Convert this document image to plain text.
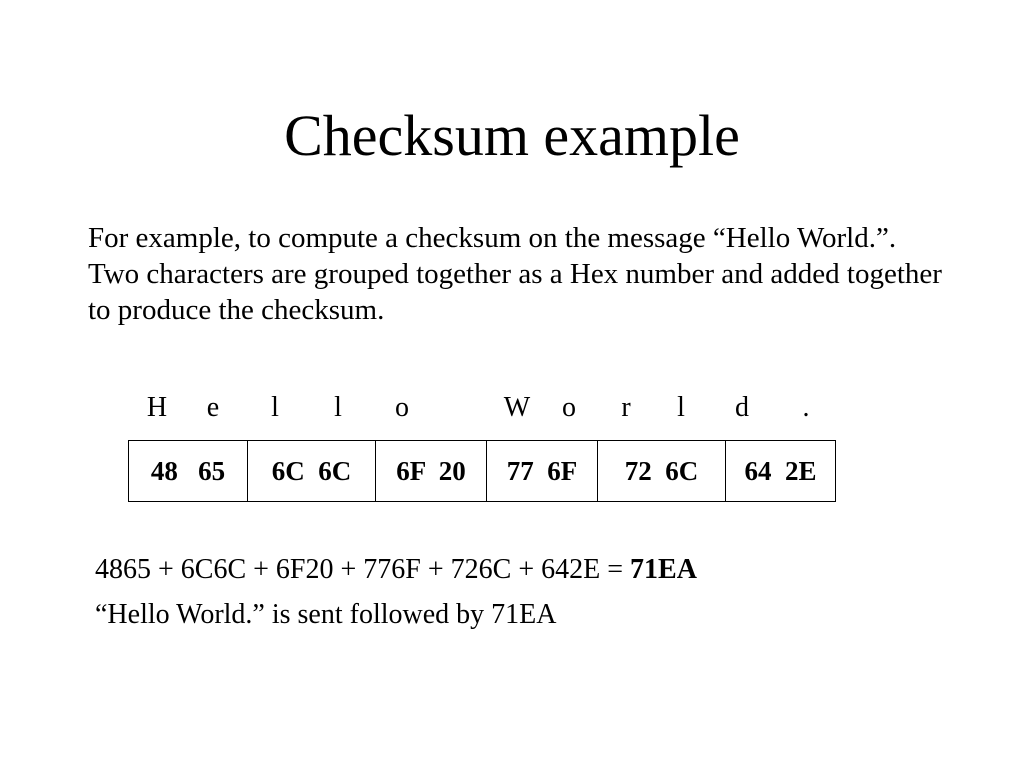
Checksum example

For example, to compute a checksum on the message “Hello World.”. Two characters are grouped together as a Hex number and added together to produce the checksum.

H e l l o	W o r l d .
48   65	6C  6C	6F  20	77  6F	72  6C	64  2E

4865 + 6C6C + 6F20 + 776F + 726C + 642E = 71EA

“Hello World.” is sent followed by 71EA
